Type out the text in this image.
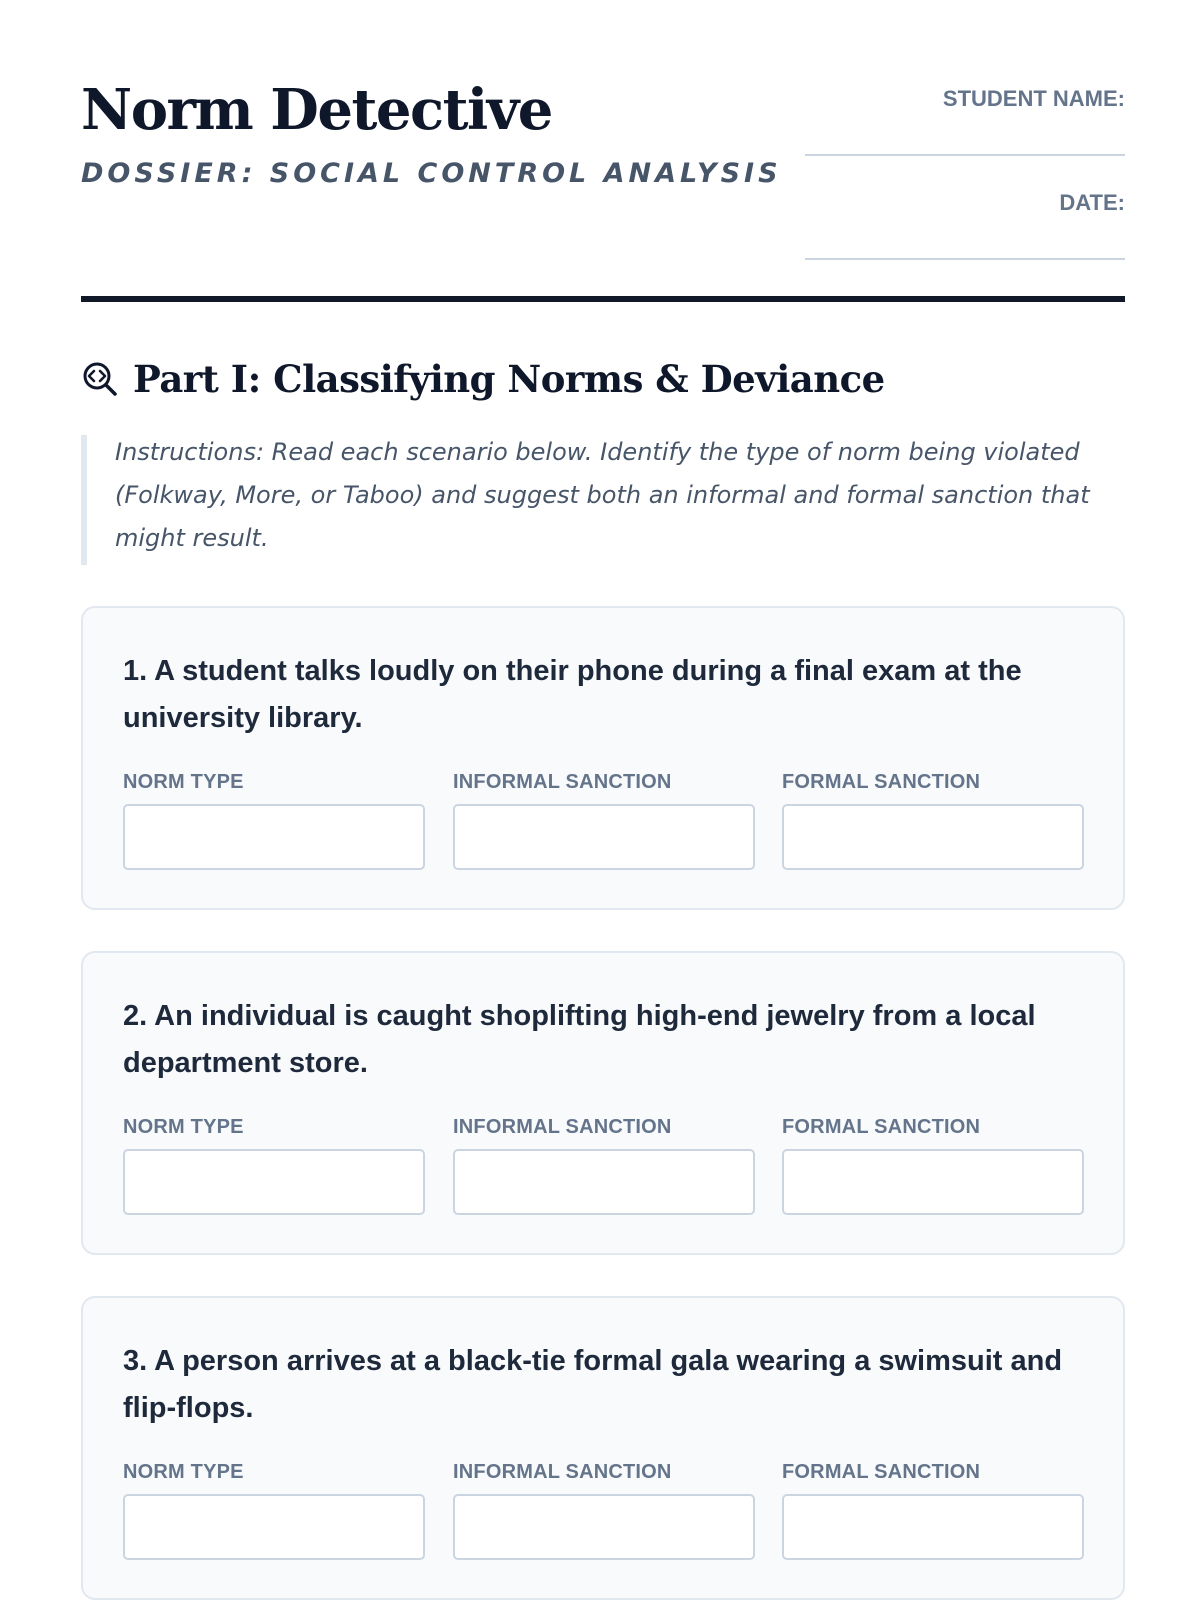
Norm Detective

DOSSIER: SOCIAL CONTROL ANALYSIS

STUDENT NAME:
DATE:
Part I: Classifying Norms & Deviance
Instructions: Read each scenario below. Identify the type of norm being violated (Folkway, More, or Taboo) and suggest both an informal and formal sanction that might result.

1. A student talks loudly on their phone during a final exam at the university library.

NORM TYPE	INFORMAL SANCTION	FORMAL SANCTION

2. An individual is caught shoplifting high-end jewelry from a local department store.

NORM TYPE	INFORMAL SANCTION	FORMAL SANCTION

3. A person arrives at a black-tie formal gala wearing a swimsuit and flip-flops.

NORM TYPE	INFORMAL SANCTION	FORMAL SANCTION
